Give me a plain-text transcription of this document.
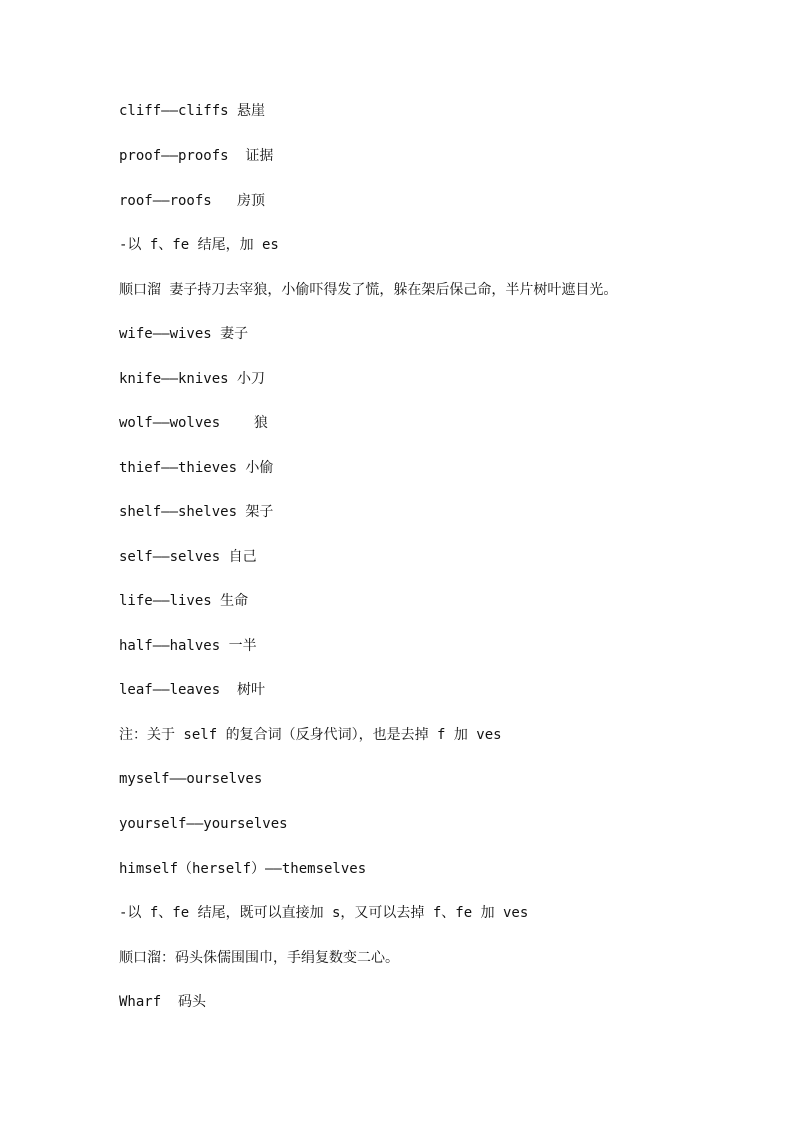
cliff——cliffs 悬崖
proof——proofs  证据
roof——roofs   房顶
-以 f、fe 结尾，加 es
顺口溜 妻子持刀去宰狼，小偷吓得发了慌，躲在架后保己命，半片树叶遮目光。
wife——wives 妻子
knife——knives 小刀
wolf——wolves    狼
thief——thieves 小偷
shelf——shelves 架子
self——selves 自己
life——lives 生命
half——halves 一半
leaf——leaves  树叶
注：关于 self 的复合词（反身代词），也是去掉 f 加 ves
myself——ourselves
yourself——yourselves
himself（herself）——themselves
-以 f、fe 结尾，既可以直接加 s，又可以去掉 f、fe 加 ves
顺口溜：码头侏儒围围巾，手绢复数变二心。
Wharf  码头
